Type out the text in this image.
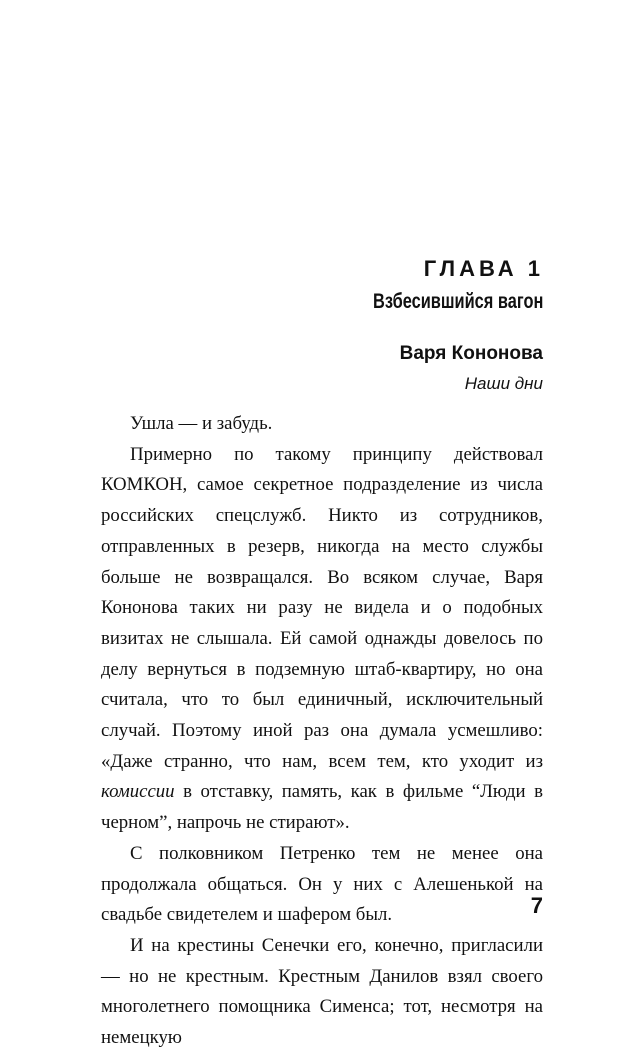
ГЛАВА 1
Взбесившийся вагон
Варя Кононова
Наши дни

Ушла — и забудь.

Примерно по такому принципу действовал КОМКОН, самое секретное подразделение из числа российских спецслужб. Никто из сотрудников, отправленных в резерв, никогда на место службы больше не возвращался. Во всяком случае, Варя Кононова таких ни разу не видела и о подобных визитах не слышала. Ей самой однажды довелось по делу вернуться в подземную штаб-квартиру, но она считала, что то был единичный, исключительный случай. Поэтому иной раз она думала усмешливо: «Даже странно, что нам, всем тем, кто уходит из комиссии в отставку, память, как в фильме “Люди в черном”, напрочь не стирают».

С полковником Петренко тем не менее она продолжала общаться. Он у них с Алешенькой на свадьбе свидетелем и шафером был.

И на крестины Сенечки его, конечно, пригласили — но не крестным. Крестным Данилов взял своего многолетнего помощника Сименса; тот, несмотря на немецкую

7
